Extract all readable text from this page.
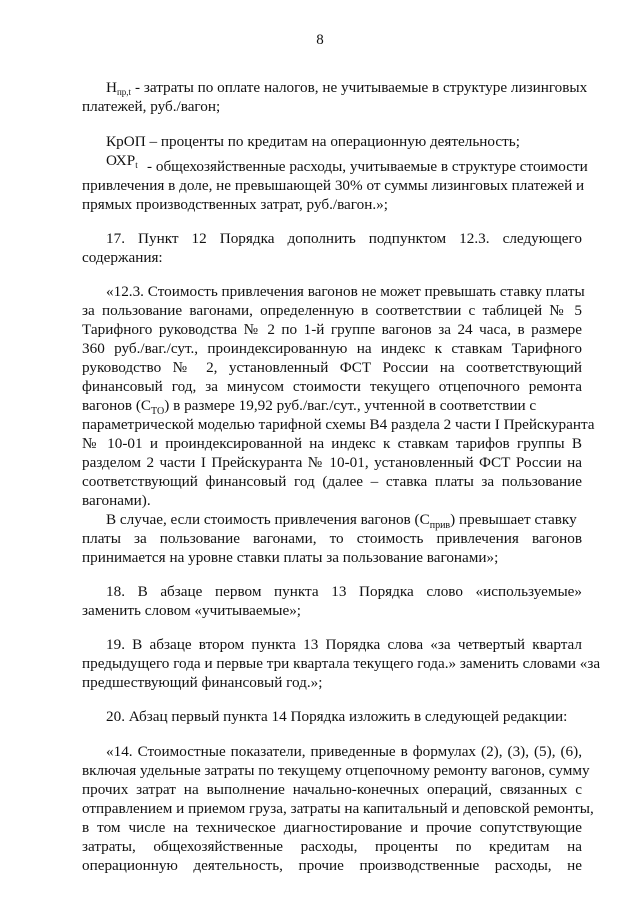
8
$Н_{пр,t}$ - затраты по оплате налогов, не учитываемые в структуре лизинговых
платежей, руб./вагон;
КрОП – проценты по кредитам на операционную деятельность;
$ОХР_t$ - общехозяйственные расходы, учитываемые в структуре стоимости
привлечения в доле, не превышающей 30% от суммы лизинговых платежей и
прямых производственных затрат, руб./вагон.»;
17. Пункт 12 Порядка дополнить подпунктом 12.3. следующего
содержания:
«12.3. Стоимость привлечения вагонов не может превышать ставку платы
за пользование вагонами, определенную в соответствии с таблицей № 5
Тарифного руководства № 2 по 1-й группе вагонов за 24 часа, в размере
360 руб./ваг./сут., проиндексированную на индекс к ставкам Тарифного
руководство № 2, установленный ФСТ России на соответствующий
финансовый год, за минусом стоимости текущего отцепочного ремонта
вагонов $(С_{ТО})$ в размере 19,92 руб./ваг./сут., учтенной в соответствии с
параметрической моделью тарифной схемы В4 раздела 2 части I Прейскуранта
№ 10-01 и проиндексированной на индекс к ставкам тарифов группы В
разделом 2 части I Прейскуранта № 10-01, установленный ФСТ России на
соответствующий финансовый год (далее – ставка платы за пользование
вагонами).
В случае, если стоимость привлечения вагонов $(С_{прив})$ превышает ставку
платы за пользование вагонами, то стоимость привлечения вагонов
принимается на уровне ставки платы за пользование вагонами»;
18. В абзаце первом пункта 13 Порядка слово «используемые»
заменить словом «учитываемые»;
19. В абзаце втором пункта 13 Порядка слова «за четвертый квартал
предыдущего года и первые три квартала текущего года.» заменить словами «за
предшествующий финансовый год.»;
20. Абзац первый пункта 14 Порядка изложить в следующей редакции:
«14. Стоимостные показатели, приведенные в формулах (2), (3), (5), (6),
включая удельные затраты по текущему отцепочному ремонту вагонов, сумму
прочих затрат на выполнение начально-конечных операций, связанных с
отправлением и приемом груза, затраты на капитальный и деповской ремонты,
в том числе на техническое диагностирование и прочие сопутствующие
затраты, общехозяйственные расходы, проценты по кредитам на
операционную деятельность, прочие производственные расходы, не
